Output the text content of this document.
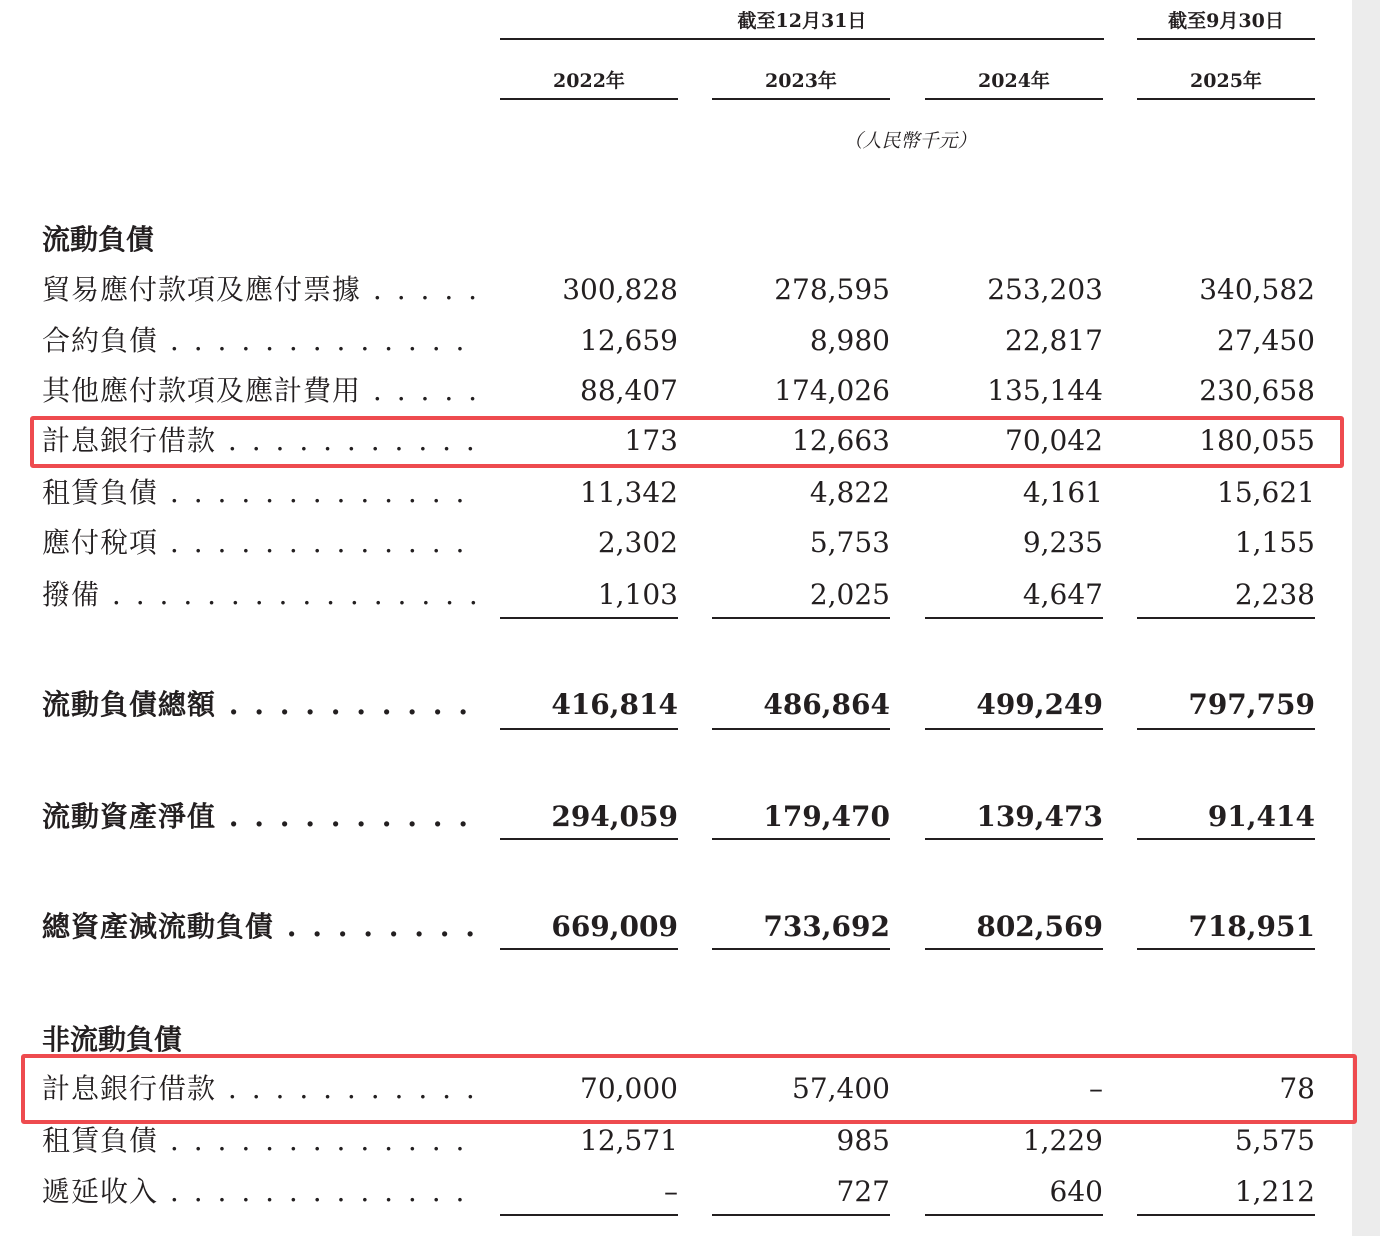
截至12月31日	截至9月30日
2022年	2023年	2024年	2025年
（人民幣千元）
流動負債
貿易應付款項及應付票據 . . .	300,828	278,595	253,203	340,582
合約負債 . . .	12,659	8,980	22,817	27,450
其他應付款項及應計費用 . . .	88,407	174,026	135,144	230,658
計息銀行借款 . . .	173	12,663	70,042	180,055
租賃負債 . . .	11,342	4,822	4,161	15,621
應付稅項 . . .	2,302	5,753	9,235	1,155
撥備 . . .	1,103	2,025	4,647	2,238
流動負債總額 . . .	416,814	486,864	499,249	797,759
流動資產淨值 . . .	294,059	179,470	139,473	91,414
總資產減流動負債 . . .	669,009	733,692	802,569	718,951
非流動負債
計息銀行借款 . . .	70,000	57,400	–	78
租賃負債 . . .	12,571	985	1,229	5,575
遞延收入 . . .	–	727	640	1,212
